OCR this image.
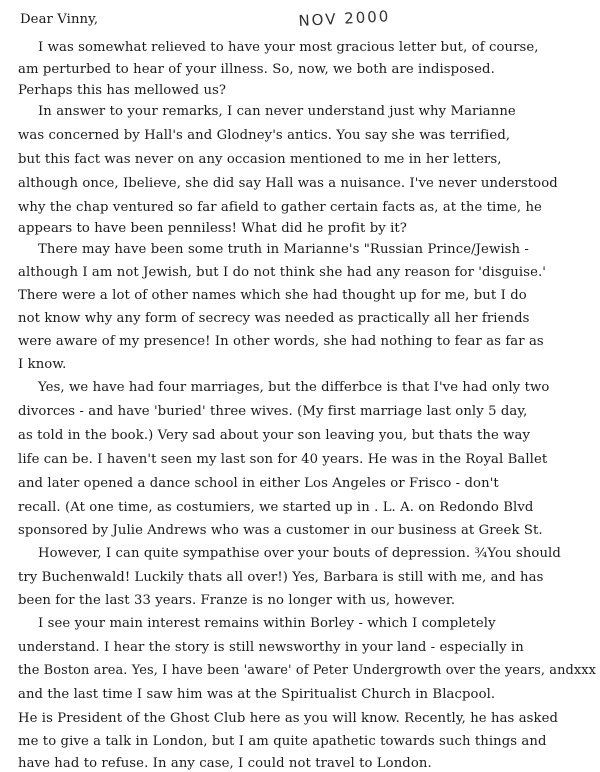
Dear Vinny,	NOV 2000
I was somewhat relieved to have your most gracious letter but, of course,
am perturbed to hear of your illness. So, now, we both are indisposed.
Perhaps this has mellowed us?
In answer to your remarks, I can never understand just why Marianne
was concerned by Hall's and Glodney's antics. You say she was terrified,
but this fact was never on any occasion mentioned to me in her letters,
although once, Ibelieve, she did say Hall was a nuisance. I've never understood
why the chap ventured so far afield to gather certain facts as, at the time, he
appears to have been penniless! What did he profit by it?
There may have been some truth in Marianne's "Russian Prince/Jewish -
although I am not Jewish, but I do not think she had any reason for 'disguise.'
There were a lot of other names which she had thought up for me, but I do
not know why any form of secrecy was needed as practically all her friends
were aware of my presence! In other words, she had nothing to fear as far as
I know.
Yes, we have had four marriages, but the differbce is that I've had only two
divorces - and have 'buried' three wives. (My first marriage last only 5 day,
as told in the book.) Very sad about your son leaving you, but thats the way
life can be. I haven't seen my last son for 40 years. He was in the Royal Ballet
and later opened a dance school in either Los Angeles or Frisco - don't
recall. (At one time, as costumiers, we started up in . L. A. on Redondo Blvd
sponsored by Julie Andrews who was a customer in our business at Greek St.
However, I can quite sympathise over your bouts of depression. ¾You should
try Buchenwald! Luckily thats all over!) Yes, Barbara is still with me, and has
been for the last 33 years. Franze is no longer with us, however.
I see your main interest remains within Borley - which I completely
understand. I hear the story is still newsworthy in your land - especially in
the Boston area. Yes, I have been 'aware' of Peter Undergrowth over the years, andxxx
and the last time I saw him was at the Spiritualist Church in Blacpool.
He is President of the Ghost Club here as you will know. Recently, he has asked
me to give a talk in London, but I am quite apathetic towards such things and
have had to refuse. In any case, I could not travel to London.
